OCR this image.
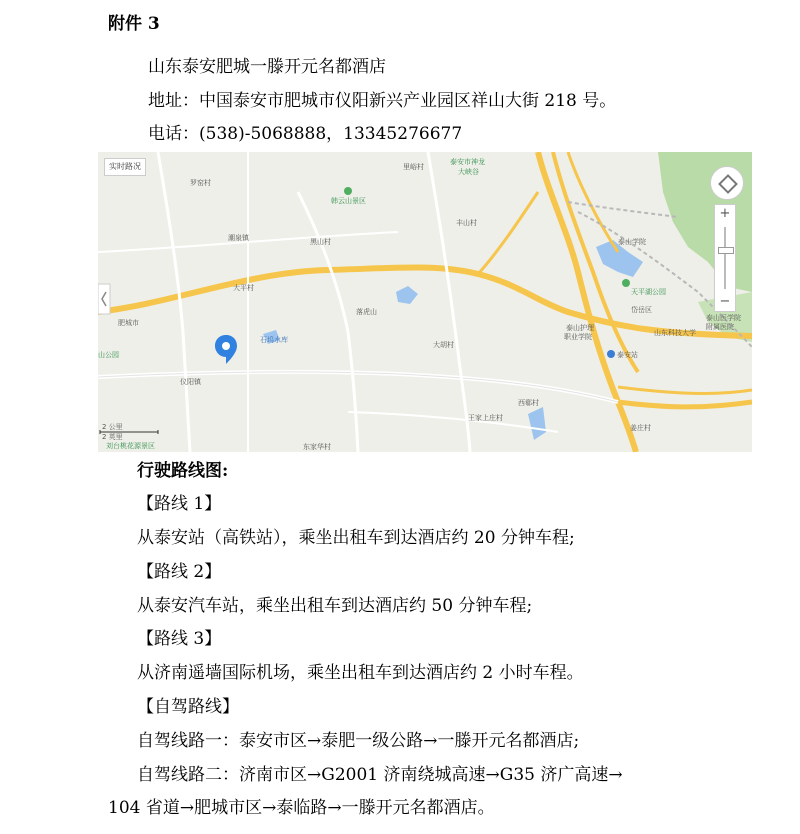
附件 3
山东泰安肥城一滕开元名都酒店
地址：中国泰安市肥城市仪阳新兴产业园区祥山大街 218 号。
电话：(538)-5068888，13345276677
罗窑村
里峪村
泰安市神龙
大峡谷
韩云山景区
潮泉镇	黑山村
丰山村
泰山学院
大平村
肥城市
落虎山
天平湖公园
岱岳区
泰山医学院
附属医院
山东科技大学
泰山护理
职业学院
泰安站
石坞水库
山公园
大胡村
仪阳镇
王家上庄村
西郗村
东家华村
姜庄村
刘台桃花源景区
2 公里
2 英里
实时路况
+
−
行驶路线图:
【路线 1】
从泰安站（高铁站），乘坐出租车到达酒店约 20 分钟车程;
【路线 2】
从泰安汽车站，乘坐出租车到达酒店约 50 分钟车程;
【路线 3】
从济南遥墙国际机场，乘坐出租车到达酒店约 2 小时车程。
【自驾路线】
自驾线路一：泰安市区→泰肥一级公路→一滕开元名都酒店;
自驾线路二：济南市区→G2001 济南绕城高速→G35 济广高速→
104 省道→肥城市区→泰临路→一滕开元名都酒店。
